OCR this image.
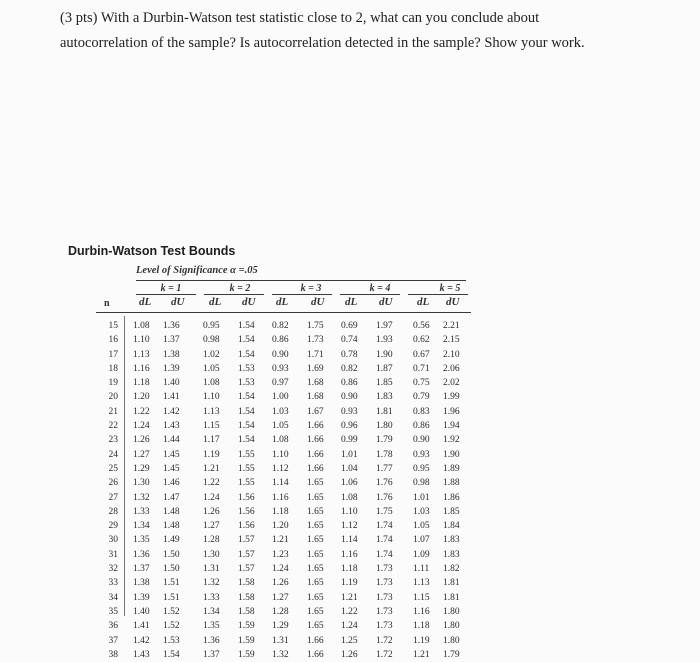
(3 pts) With a Durbin-Watson test statistic close to 2, what can you conclude about

autocorrelation of the sample? Is autocorrelation detected in the sample? Show your work.

Durbin-Watson Test Bounds
Level of Significance α =.05
k = 1	k = 2	k = 3	k = 4	k = 5
n	dL dU dL dU dL dU dL dU dL dU
15 1.08 1.36 0.95 1.54 0.82 1.75 0.69 1.97 0.56 2.21
16 1.10 1.37 0.98 1.54 0.86 1.73 0.74 1.93 0.62 2.15
17 1.13 1.38 1.02 1.54 0.90 1.71 0.78 1.90 0.67 2.10
18 1.16 1.39 1.05 1.53 0.93 1.69 0.82 1.87 0.71 2.06
19 1.18 1.40 1.08 1.53 0.97 1.68 0.86 1.85 0.75 2.02
20 1.20 1.41 1.10 1.54 1.00 1.68 0.90 1.83 0.79 1.99
21 1.22 1.42 1.13 1.54 1.03 1.67 0.93 1.81 0.83 1.96
22 1.24 1.43 1.15 1.54 1.05 1.66 0.96 1.80 0.86 1.94
23 1.26 1.44 1.17 1.54 1.08 1.66 0.99 1.79 0.90 1.92
24 1.27 1.45 1.19 1.55 1.10 1.66 1.01 1.78 0.93 1.90
25 1.29 1.45 1.21 1.55 1.12 1.66 1.04 1.77 0.95 1.89
26 1.30 1.46 1.22 1.55 1.14 1.65 1.06 1.76 0.98 1.88
27 1.32 1.47 1.24 1.56 1.16 1.65 1.08 1.76 1.01 1.86
28 1.33 1.48 1.26 1.56 1.18 1.65 1.10 1.75 1.03 1.85
29 1.34 1.48 1.27 1.56 1.20 1.65 1.12 1.74 1.05 1.84
30 1.35 1.49 1.28 1.57 1.21 1.65 1.14 1.74 1.07 1.83
31 1.36 1.50 1.30 1.57 1.23 1.65 1.16 1.74 1.09 1.83
32 1.37 1.50 1.31 1.57 1.24 1.65 1.18 1.73 1.11 1.82
33 1.38 1.51 1.32 1.58 1.26 1.65 1.19 1.73 1.13 1.81
34 1.39 1.51 1.33 1.58 1.27 1.65 1.21 1.73 1.15 1.81
35 1.40 1.52 1.34 1.58 1.28 1.65 1.22 1.73 1.16 1.80
36 1.41 1.52 1.35 1.59 1.29 1.65 1.24 1.73 1.18 1.80
37 1.42 1.53 1.36 1.59 1.31 1.66 1.25 1.72 1.19 1.80
38 1.43 1.54 1.37 1.59 1.32 1.66 1.26 1.72 1.21 1.79
